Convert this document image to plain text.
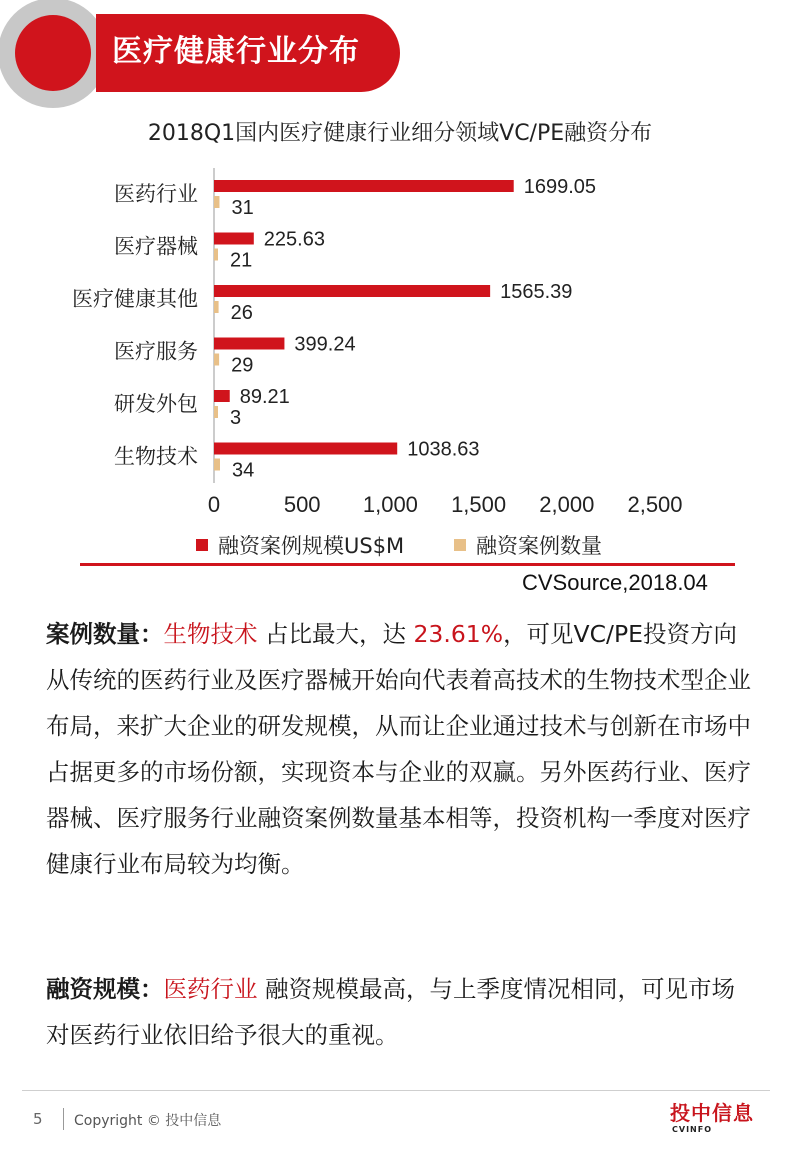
医疗健康行业分布
2018Q1国内医疗健康行业细分领域VC/PE融资分布
医药行业	1699.05
31
医疗器械	225.63
21
医疗健康其他	1565.39
26
医疗服务	399.24
29
研发外包 89.21
3
生物技术	1038.63
34
0	500 1,000 1,500 2,000 2,500
融资案例规模US$M	融资案例数量
CVSource,2018.04
案例数量：生物技术 占比最大，达 23.61%，可见VC/PE投资方向从传统的医药行业及医疗器械开始向代表着高技术的生物技术型企业布局，来扩大企业的研发规模，从而让企业通过技术与创新在市场中占据更多的市场份额，实现资本与企业的双赢。另外医药行业、医疗器械、医疗服务行业融资案例数量基本相等，投资机构一季度对医疗健康行业布局较为均衡。
融资规模：医药行业 融资规模最高，与上季度情况相同，可见市场对医药行业依旧给予很大的重视。
5 Copyright © 投中信息	投中信息
CVINFO
